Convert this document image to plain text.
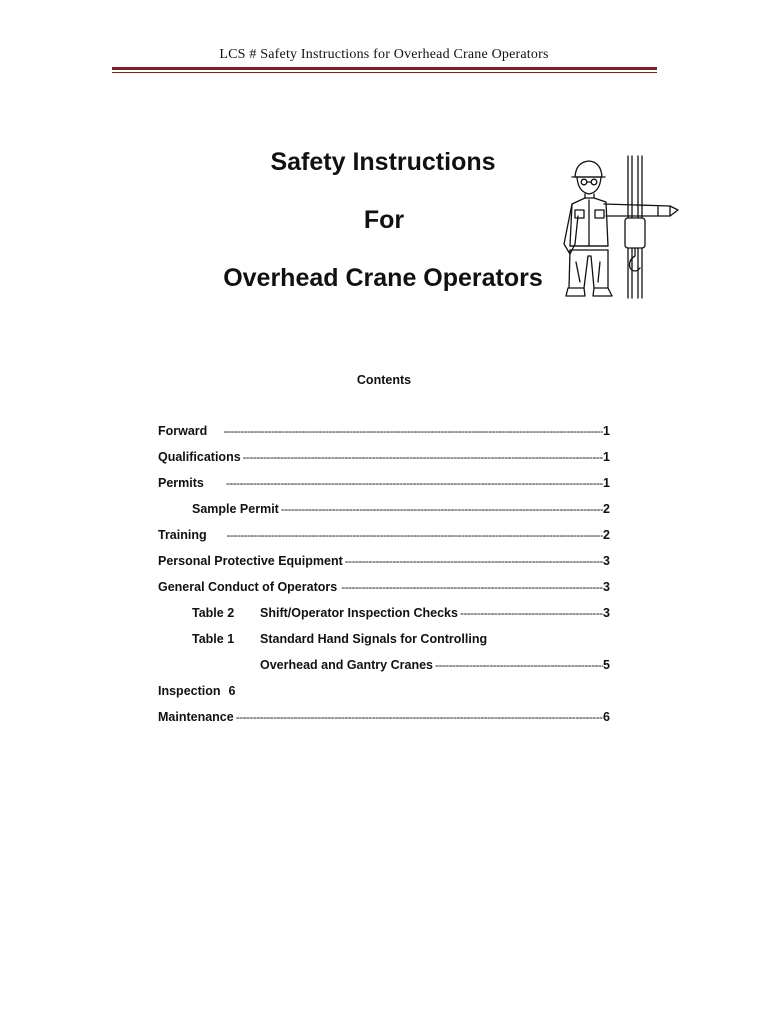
LCS # Safety Instructions for Overhead Crane Operators
Safety Instructions
For
Overhead Crane Operators
Contents
Forward -----	1
Qualifications -----	1
Permits -----	1
Sample Permit -----	2
Training -----	2
Personal Protective Equipment -----	3
General Conduct of Operators -----	3
Table 2	Shift/Operator Inspection Checks -----	3
Table 1	Standard Hand Signals for Controlling
Overhead and Gantry Cranes -----	5
Inspection 6
Maintenance -----	6
